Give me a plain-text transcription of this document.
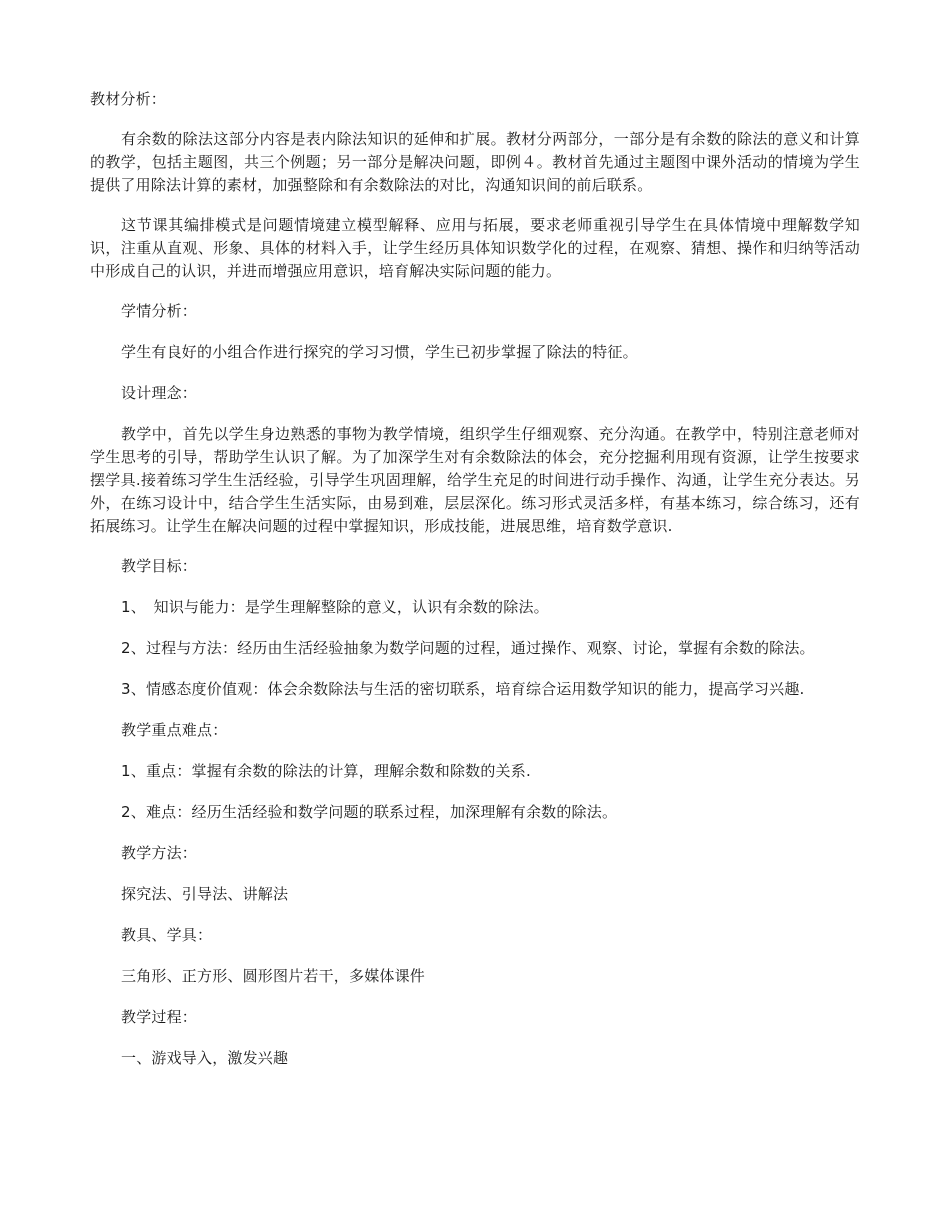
教材分析：

有余数的除法这部分内容是表内除法知识的延伸和扩展。教材分两部分，一部分是有余数的除法的意义和计算的教学，包括主题图，共三个例题；另一部分是解决问题，即例４。教材首先通过主题图中课外活动的情境为学生提供了用除法计算的素材，加强整除和有余数除法的对比，沟通知识间的前后联系。

这节课其编排模式是问题情境建立模型解释、应用与拓展，要求老师重视引导学生在具体情境中理解数学知识，注重从直观、形象、具体的材料入手，让学生经历具体知识数学化的过程，在观察、猜想、操作和归纳等活动中形成自己的认识，并进而增强应用意识，培育解决实际问题的能力。

学情分析：

学生有良好的小组合作进行探究的学习习惯，学生已初步掌握了除法的特征。

设计理念：

教学中，首先以学生身边熟悉的事物为教学情境，组织学生仔细观察、充分沟通。在教学中，特别注意老师对学生思考的引导，帮助学生认识了解。为了加深学生对有余数除法的体会，充分挖掘利用现有资源，让学生按要求摆学具.接着练习学生生活经验，引导学生巩固理解，给学生充足的时间进行动手操作、沟通，让学生充分表达。另外，在练习设计中，结合学生生活实际，由易到难，层层深化。练习形式灵活多样，有基本练习，综合练习，还有拓展练习。让学生在解决问题的过程中掌握知识，形成技能，进展思维，培育数学意识.

教学目标：

1、　知识与能力：是学生理解整除的意义，认识有余数的除法。

2、过程与方法：经历由生活经验抽象为数学问题的过程，通过操作、观察、讨论，掌握有余数的除法。

3、情感态度价值观：体会余数除法与生活的密切联系，培育综合运用数学知识的能力，提高学习兴趣.

教学重点难点：

1、重点：掌握有余数的除法的计算，理解余数和除数的关系.

2、难点：经历生活经验和数学问题的联系过程，加深理解有余数的除法。

教学方法：

探究法、引导法、讲解法

教具、学具：

三角形、正方形、圆形图片若干，多媒体课件

教学过程：

一、游戏导入，激发兴趣
